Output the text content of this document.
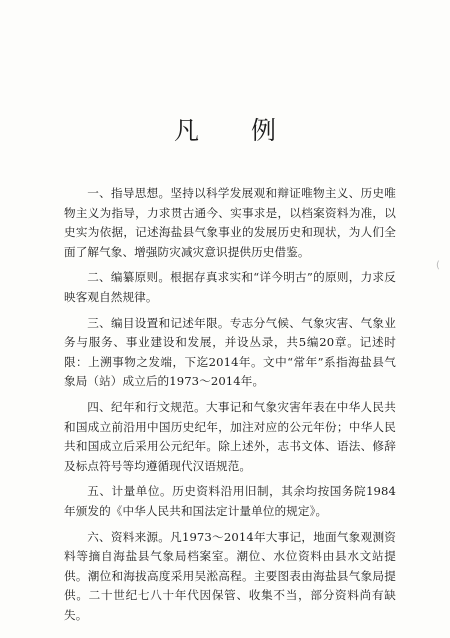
凡 例

一、指导思想。坚持以科学发展观和辩证唯物主义、历史唯物主义为指导，力求贯古通今、实事求是，以档案资料为准，以史实为依据，记述海盐县气象事业的发展历史和现状，为人们全面了解气象、增强防灾减灾意识提供历史借鉴。

二、编纂原则。根据存真求实和“详今明古”的原则，力求反映客观自然规律。

三、编目设置和记述年限。专志分气候、气象灾害、气象业务与服务、事业建设和发展，并设丛录，共5编20章。记述时限：上溯事物之发端，下迄2014年。文中“常年”系指海盐县气象局（站）成立后的1973～2014年。

四、纪年和行文规范。大事记和气象灾害年表在中华人民共和国成立前沿用中国历史纪年，加注对应的公元年份；中华人民共和国成立后采用公元纪年。除上述外，志书文体、语法、修辞及标点符号等均遵循现代汉语规范。

五、计量单位。历史资料沿用旧制，其余均按国务院1984年颁发的《中华人民共和国法定计量单位的规定》。

六、资料来源。凡1973～2014年大事记，地面气象观测资料等摘自海盐县气象局档案室。潮位、水位资料由县水文站提供。潮位和海拔高度采用吴淞高程。主要图表由海盐县气象局提供。二十世纪七八十年代因保管、收集不当，部分资料尚有缺失。

(
